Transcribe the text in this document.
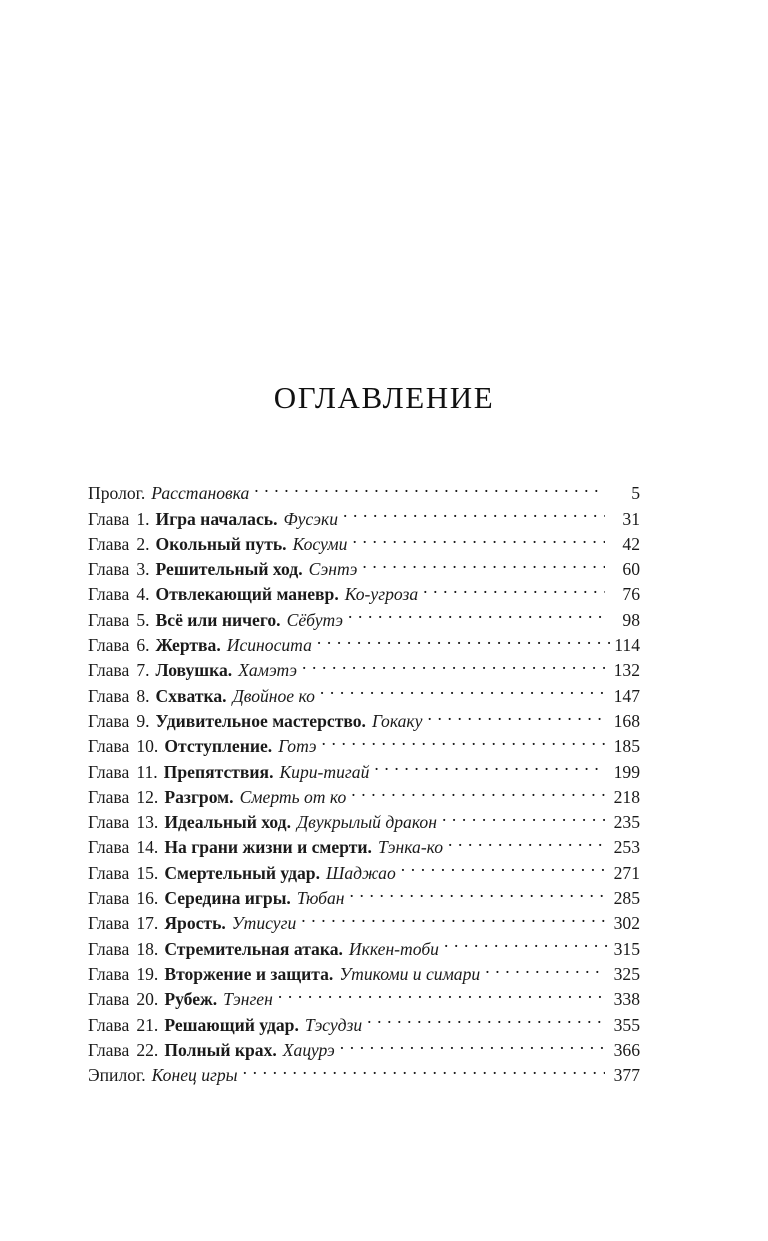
ОГЛАВЛЕНИЕ
Пролог. Расстановка . . .	5
Глава 1. Игра началась. Фусэки . . .	31
Глава 2. Окольный путь. Косуми . . .	42
Глава 3. Решительный ход. Сэнтэ . . .	60
Глава 4. Отвлекающий маневр. Ко-угроза . . .	76
Глава 5. Всё или ничего. Сёбутэ . . .	98
Глава 6. Жертва. Исиносита . . .	114
Глава 7. Ловушка. Хамэтэ . . .	132
Глава 8. Схватка. Двойное ко . . .	147
Глава 9. Удивительное мастерство. Гокаку . . .	168
Глава 10. Отступление. Готэ . . .	185
Глава 11. Препятствия. Кири-тигай . . .	199
Глава 12. Разгром. Смерть от ко . . .	218
Глава 13. Идеальный ход. Двукрылый дракон . . .	235
Глава 14. На грани жизни и смерти. Тэнка-ко . . .	253
Глава 15. Смертельный удар. Шаджао . . .	271
Глава 16. Середина игры. Тюбан . . .	285
Глава 17. Ярость. Утисуги . . .	302
Глава 18. Стремительная атака. Иккен-тоби . . .	315
Глава 19. Вторжение и защита. Утикоми и симари . . .	325
Глава 20. Рубеж. Тэнген . . .	338
Глава 21. Решающий удар. Тэсудзи . . .	355
Глава 22. Полный крах. Хацурэ . . .	366
Эпилог. Конец игры . . .	377
